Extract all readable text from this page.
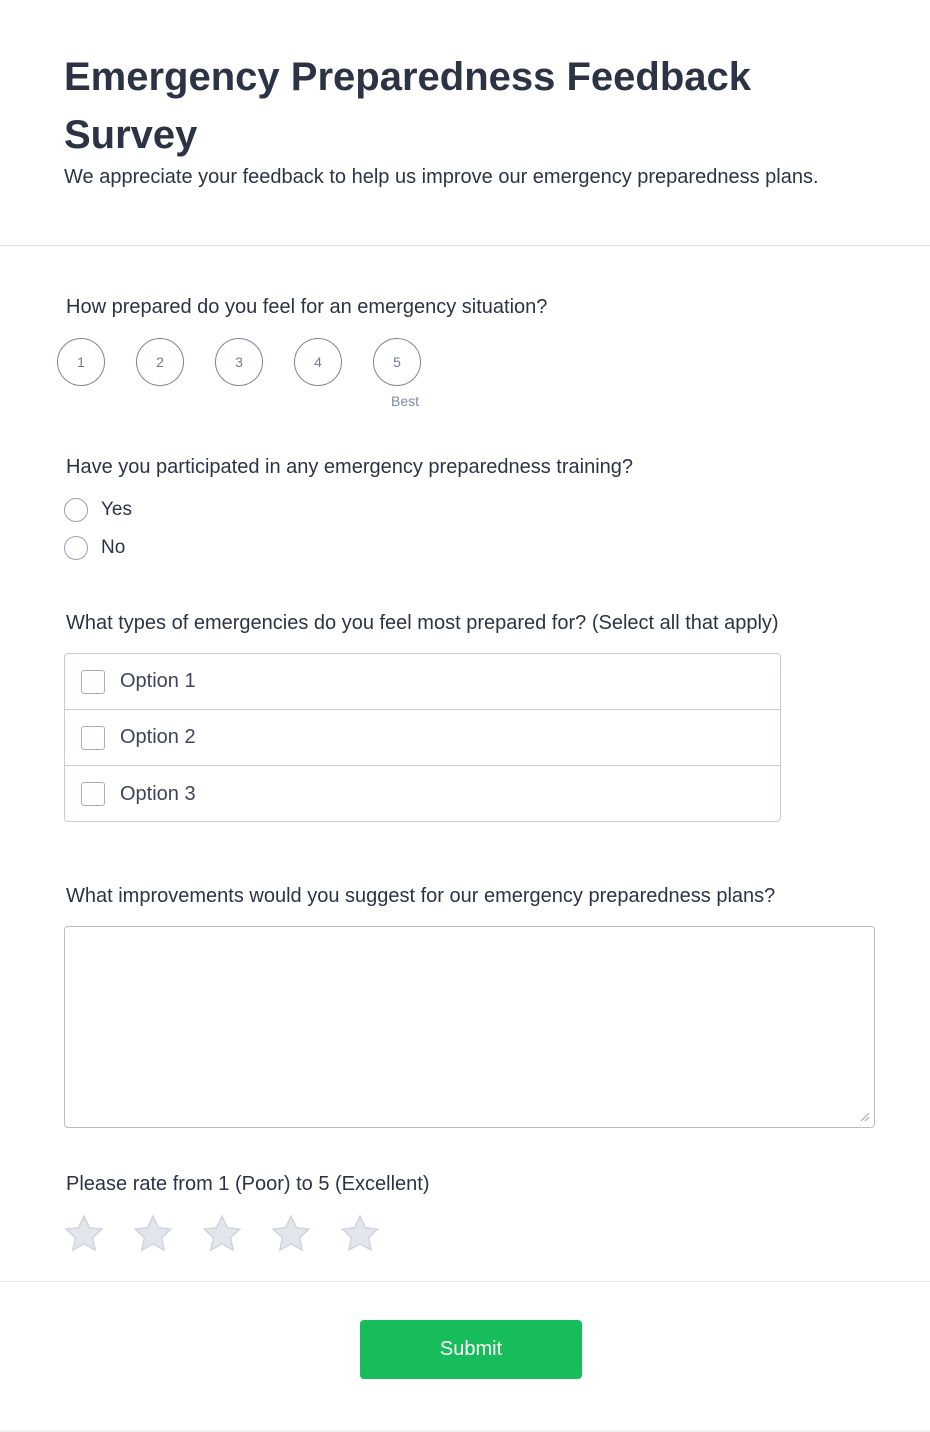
Emergency Preparedness Feedback Survey
We appreciate your feedback to help us improve our emergency preparedness plans.
How prepared do you feel for an emergency situation?
1	2	3	4	5
Best
Have you participated in any emergency preparedness training?
Yes
No
What types of emergencies do you feel most prepared for? (Select all that apply)
Option 1
Option 2
Option 3
What improvements would you suggest for our emergency preparedness plans?
Please rate from 1 (Poor) to 5 (Excellent)
Submit
